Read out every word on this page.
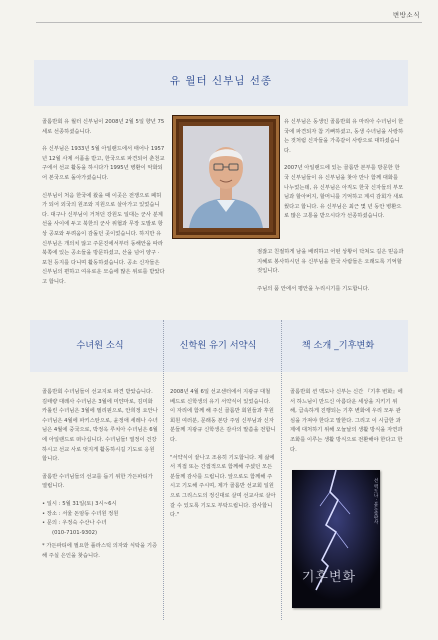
변방소식
유 월터 신부님 선종

골롬반회 유 월터 신부님이 2008년 2월 5일 향년 75세로 선종하셨습니다.

유 신부님은 1933년 5월 아일랜드에서 태어나 1957년 12월 사제 서품을 받고, 한국으로 파견되어 춘천교구에서 선교 활동을 하시다가 1995년 병환이 악화되어 본국으로 돌아가셨습니다.

신부님이 처음 한국에 왔을 때 이곳은 전쟁으로 폐허가 되어 외국의 원조와 지원으로 살아가고 있었습니다. 대구나 신부님이 거처던 강원도 일대는 군사 분계선을 사이에 두고 북한의 군사 위협과 무장 도발로 항상 공포와 두려움이 감돌던 곳이었습니다. 하지만 유 신부님은 개의치 않고 주문진에서부터 동해안을 따라 북쪽에 있는 공소들을 방문하셨고, 산을 넘어 양구 · 포천 등지를 다니며 활동하셨습니다. 공소 신자들은 신부님의 편하고 여유로운 모습에 많은 위로를 받았다고 합니다.

유 신부님은 동생인 골롬반회 유 마리아 수녀님이 한국에 파견되자 참 기뻐하셨고, 동생 수녀님을 사랑하는 것처럼 신자들을 가족같이 사랑으로 대하셨습니다.

2007년 아일랜드에 있는 골롬반 본부를 방문한 한국 신부님들이 유 신부님을 찾아 만나 함께 대화를 나누었는데, 유 신부님은 아직도 한국 신자들의 부모님과 할아버지, 할머니를 기억하고 계셔 감회가 새로웠다고 합니다. 유 신부님은 최근 몇 년 동안 병환으로 많은 고통을 받으시다가 선종하셨습니다.

점잖고 친절하게 남을 배려하고 어떤 상황이 닥쳐도 길은 믿음과 지혜로 봉사하시던 유 신부님을 한국 사람들은 오래도록 기억할 것입니다.

주님의 품 안에서 평안을 누리시기를 기도합니다.

수녀원 소식	신학원 유기 서약식	책 소개 _기후변화

골롬반회 수녀님들이 선교지로 파견 받았습니다. 김태량 대레사 수녀님은 3월에 미얀마로, 김미화 카롤린 수녀님은 3월에 필리핀으로, 안희정 요안나 수녀님은 4월에 파키스탄으로, 윤정애 세레나 수녀님은 4월에 중국으로, 박정옥 루치아 수녀님은 6월에 아일랜드로 떠나십니다. 수녀님들! 열정이 건강하시고 선교 사로 멋지게 활동하시길 기도로 응원합니다.

골롬반 수녀님들의 선교를 돕기 위한 가든파티가 열립니다.

• 일시 : 5월 31일(토) 3시~6시
• 장소 : 서울 돈암동 수녀원 정원
• 문의 : 우정숙 수산나 수녀
(010-7101-9302)

* 가든파티에 필요한 플라스틱 의자와 식탁을 기증해 주실 은인을 찾습니다.

2008년 4월 6일 선교센터에서 지광규 대철 베드로 신학생의 유기 서약식이 있었습니다. 이 자리에 함께 해 주신 골롬반 회원들과 후원회원 여러분, 문래동 본당 주임 신부님과 신자 분들께 지광규 신학생은 감사의 말씀을 전합니다.

"서약식이 끝나고 조용히 기도합니다. 제 삶에서 직접 또는 간접적으로 함께해 주셨던 모든 분들께 감사를 드립니다. 앞으로도 함께해 주시고 기도해 주시며, 제가 골롬반 선교회 일원으로 그리스도의 정신대로 살며 선교사로 살아갈 수 있도록 기도도 부탁드립니다. 감사합니다."

골롬반회 션 맥도나 신부는 신간 『기후 변화』에서 하느님이 만드신 아름다운 세상을 지키기 위해, 급속하게 진행되는 기후 변화에 우리 모두 관심을 가져야 한다고 말한다. 그리고 이 시급한 과제에 대처하기 위해 오늘날의 생활 방식을 자연과 조화를 이루는 생활 방식으로 전환해야 한다고 한다.

기후변화
션 맥도나 · 분도출판사
